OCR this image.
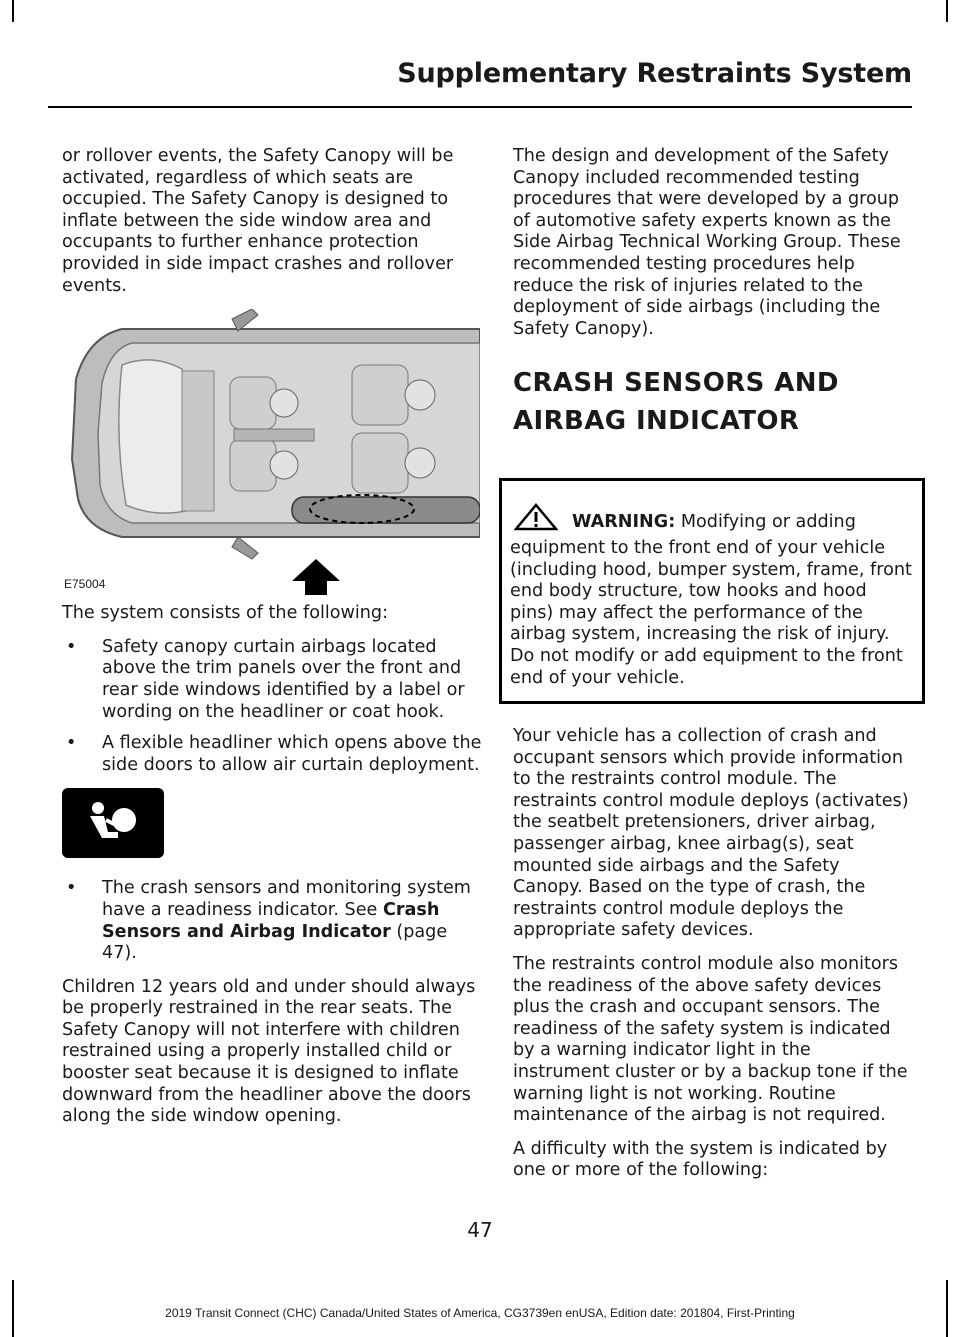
Supplementary Restraints System

or rollover events, the Safety Canopy will be activated, regardless of which seats are occupied. The Safety Canopy is designed to inflate between the side window area and occupants to further enhance protection provided in side impact crashes and rollover events.

E75004

The system consists of the following:

• Safety canopy curtain airbags located above the trim panels over the front and rear side windows identified by a label or wording on the headliner or coat hook.
• A flexible headliner which opens above the side doors to allow air curtain deployment.
• The crash sensors and monitoring system have a readiness indicator. See Crash Sensors and Airbag Indicator (page 47).

Children 12 years old and under should always be properly restrained in the rear seats. The Safety Canopy will not interfere with children restrained using a properly installed child or booster seat because it is designed to inflate downward from the headliner above the doors along the side window opening.

The design and development of the Safety Canopy included recommended testing procedures that were developed by a group of automotive safety experts known as the Side Airbag Technical Working Group. These recommended testing procedures help reduce the risk of injuries related to the deployment of side airbags (including the Safety Canopy).

CRASH SENSORS AND
AIRBAG INDICATOR
WARNING: Modifying or adding equipment to the front end of your vehicle (including hood, bumper system, frame, front end body structure, tow hooks and hood pins) may affect the performance of the airbag system, increasing the risk of injury. Do not modify or add equipment to the front end of your vehicle.

Your vehicle has a collection of crash and occupant sensors which provide information to the restraints control module. The restraints control module deploys (activates) the seatbelt pretensioners, driver airbag, passenger airbag, knee airbag(s), seat mounted side airbags and the Safety Canopy. Based on the type of crash, the restraints control module deploys the appropriate safety devices.

The restraints control module also monitors the readiness of the above safety devices plus the crash and occupant sensors. The readiness of the safety system is indicated by a warning indicator light in the instrument cluster or by a backup tone if the warning light is not working. Routine maintenance of the airbag is not required.

A difficulty with the system is indicated by one or more of the following:

47
2019 Transit Connect (CHC) Canada/United States of America, CG3739en enUSA, Edition date: 201804, First-Printing
